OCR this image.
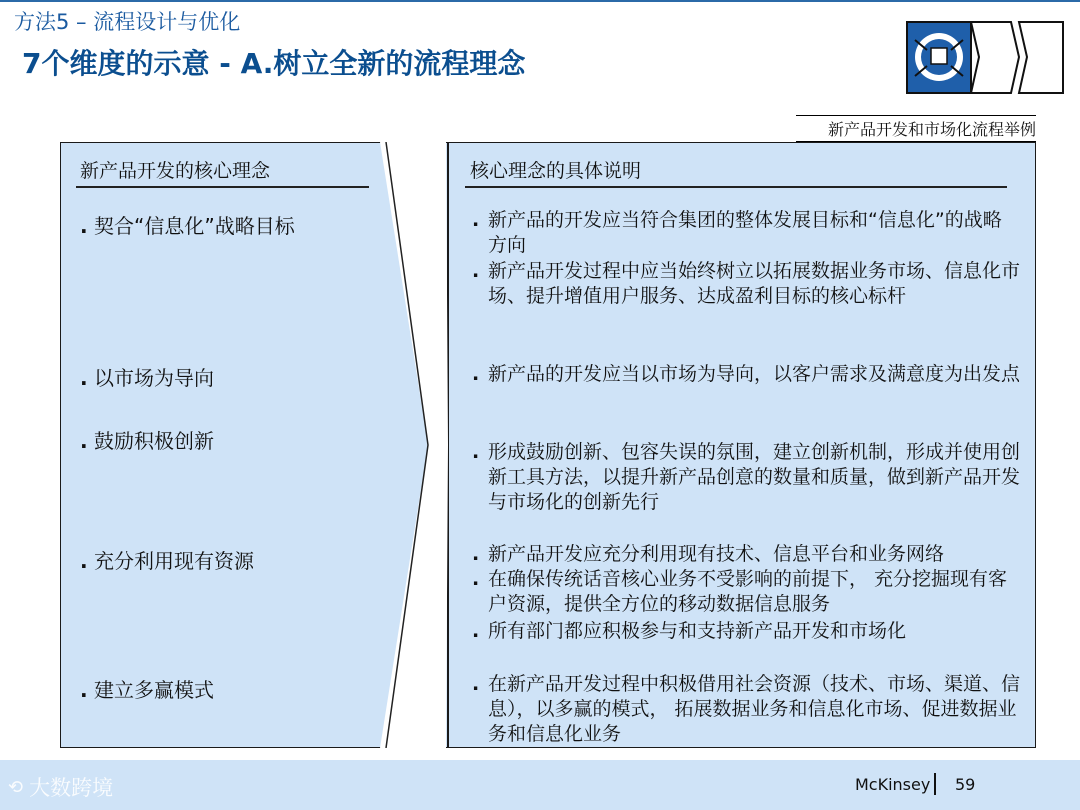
方法5 – 流程设计与优化
7个维度的示意 - A.树立全新的流程理念
新产品开发和市场化流程举例
新产品开发的核心理念	核心理念的具体说明
. 契合“信息化”战略目标
. 以市场为导向
. 鼓励积极创新
. 充分利用现有资源
. 建立多赢模式
. 新产品的开发应当符合集团的整体发展目标和“信息化”的战略方向
. 新产品开发过程中应当始终树立以拓展数据业务市场、信息化市场、提升增值用户服务、达成盈利目标的核心标杆
. 新产品的开发应当以市场为导向，以客户需求及满意度为出发点
. 形成鼓励创新、包容失误的氛围，建立创新机制，形成并使用创新工具方法，以提升新产品创意的数量和质量，做到新产品开发与市场化的创新先行
. 新产品开发应充分利用现有技术、信息平台和业务网络
. 在确保传统话音核心业务不受影响的前提下， 充分挖掘现有客户资源，提供全方位的移动数据信息服务
. 所有部门都应积极参与和支持新产品开发和市场化
. 在新产品开发过程中积极借用社会资源（技术、市场、渠道、信息），以多赢的模式， 拓展数据业务和信息化市场、促进数据业务和信息化业务
⟲ 大数跨境	McKinsey 59
